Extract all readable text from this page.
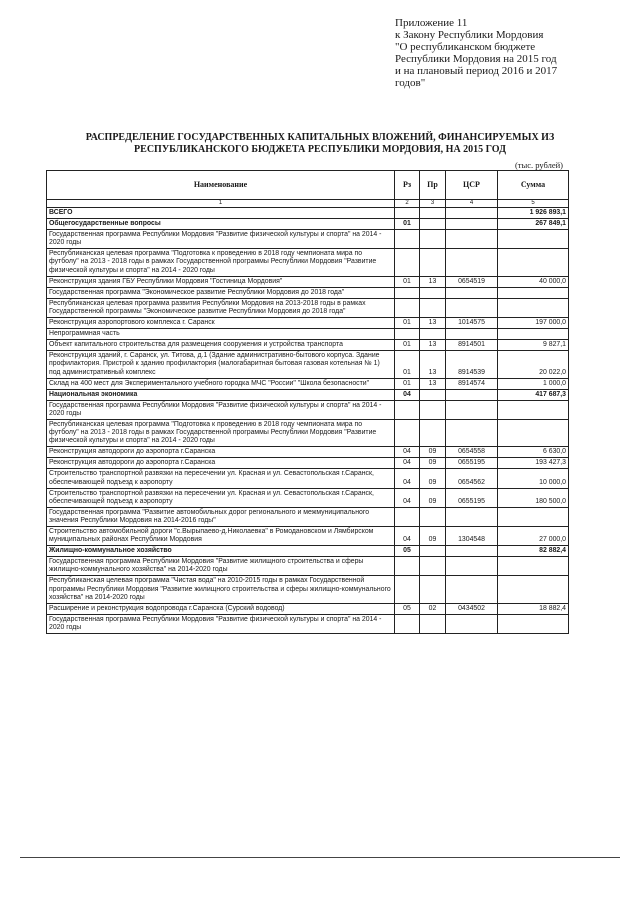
Приложение 11
к Закону Республики Мордовия
"О республиканском бюджете
Республики Мордовия на 2015 год
и на плановый период 2016 и 2017
годов"
РАСПРЕДЕЛЕНИЕ ГОСУДАРСТВЕННЫХ КАПИТАЛЬНЫХ ВЛОЖЕНИЙ, ФИНАНСИРУЕМЫХ ИЗ
РЕСПУБЛИКАНСКОГО БЮДЖЕТА РЕСПУБЛИКИ МОРДОВИЯ, НА 2015 ГОД
(тыс. рублей)
Наименование	Рз	Пр	ЦСР	Сумма
1	2	3	4	5
ВСЕГО				1 926 893,1
Общегосударственные вопросы	01			267 849,1
Государственная программа Республики Мордовия "Развитие физической культуры и спорта" на 2014 - 2020 годы				
Республиканская целевая программа "Подготовка к проведению в 2018 году чемпионата мира по футболу" на 2013 - 2018 годы в рамках Государственной программы Республики Мордовия "Развитие физической культуры и спорта" на 2014 - 2020 годы				
Реконструкция здания ГБУ Республики Мордовия "Гостиница Мордовия"	01	13	0654519	40 000,0
Государственная программа "Экономическое развитие Республики Мордовия до 2018 года"				
Республиканская целевая программа развития Республики Мордовия на 2013-2018 годы в рамках Государственной программы "Экономическое развитие Республики Мордовия до 2018 года"				
Реконструкция аэропортового комплекса г. Саранск	01	13	1014575	197 000,0
Непрограммная часть				
Объект капитального строительства для размещения сооружения и устройства транспорта	01	13	8914501	9 827,1
Реконструкция зданий, г. Саранск, ул. Титова, д.1 (Здание административно-бытового корпуса. Здание профилактория. Пристрой к зданию профилактория (малогабаритная бытовая газовая котельная № 1) под административный комплекс	01	13	8914539	20 022,0
Склад на 400 мест для Экспериментального учебного городка МЧС "России" "Школа безопасности"	01	13	8914574	1 000,0
Национальная экономика	04			417 687,3
Государственная программа Республики Мордовия "Развитие физической культуры и спорта" на 2014 - 2020 годы				
Республиканская целевая программа "Подготовка к проведению в 2018 году чемпионата мира по футболу" на 2013 - 2018 годы в рамках Государственной программы Республики Мордовия "Развитие физической культуры и спорта" на 2014 - 2020 годы				
Реконструкция автодороги до аэропорта г.Саранска	04	09	0654558	6 630,0
Реконструкция автодороги до аэропорта г.Саранска	04	09	0655195	193 427,3
Строительство транспортной развязки на пересечении ул. Красная и ул. Севастопольская г.Саранск, обеспечивающей подъезд к аэропорту	04	09	0654562	10 000,0
Строительство транспортной развязки на пересечении ул. Красная и ул. Севастопольская г.Саранск, обеспечивающей подъезд к аэропорту	04	09	0655195	180 500,0
Государственная программа "Развитие автомобильных дорог регионального и межмуниципального значения Республики Мордовия на 2014-2016 годы"				
Строительство автомобильной дороги "с.Вырыпаево-д.Николаевка" в Ромодановском и Лямбирском муниципальных районах Республики Мордовия	04	09	1304548	27 000,0
Жилищно-коммунальное хозяйство	05			82 882,4
Государственная программа Республики Мордовия "Развитие жилищного строительства и сферы жилищно-коммунального хозяйства" на 2014-2020 годы				
Республиканская целевая программа "Чистая вода" на 2010-2015 годы в рамках Государственной программы Республики Мордовия "Развитие жилищного строительства и сферы жилищно-коммунального хозяйства" на 2014-2020 годы				
Расширение и реконструкция водопровода г.Саранска (Сурский водовод)	05	02	0434502	18 882,4
Государственная программа Республики Мордовия "Развитие физической культуры и спорта" на 2014 - 2020 годы				
